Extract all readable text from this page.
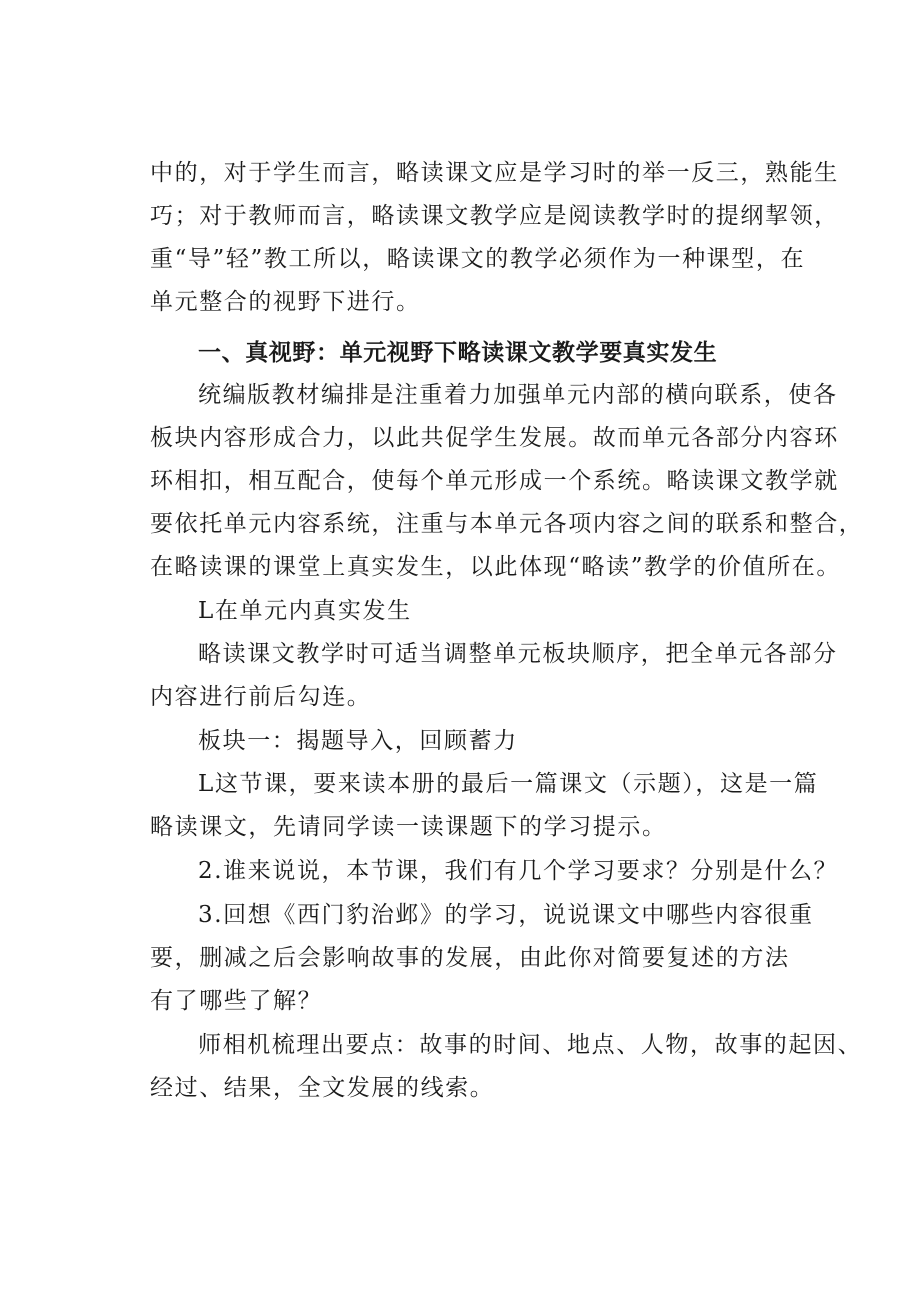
中的，对于学生而言，略读课文应是学习时的举一反三，熟能生
巧；对于教师而言，略读课文教学应是阅读教学时的提纲挈领，
重“导”轻”教工所以，略读课文的教学必须作为一种课型，在
单元整合的视野下进行。
一、真视野：单元视野下略读课文教学要真实发生
统编版教材编排是注重着力加强单元内部的横向联系，使各
板块内容形成合力，以此共促学生发展。故而单元各部分内容环
环相扣，相互配合，使每个单元形成一个系统。略读课文教学就
要依托单元内容系统，注重与本单元各项内容之间的联系和整合，
在略读课的课堂上真实发生，以此体现“略读”教学的价值所在。
L在单元内真实发生
略读课文教学时可适当调整单元板块顺序，把全单元各部分
内容进行前后勾连。
板块一：揭题导入，回顾蓄力
L这节课，要来读本册的最后一篇课文（示题），这是一篇
略读课文，先请同学读一读课题下的学习提示。
2.谁来说说，本节课，我们有几个学习要求？分别是什么？
3.回想《西门豹治邺》的学习，说说课文中哪些内容很重
要，删减之后会影响故事的发展，由此你对简要复述的方法
有了哪些了解？
师相机梳理出要点：故事的时间、地点、人物，故事的起因、
经过、结果，全文发展的线索。
